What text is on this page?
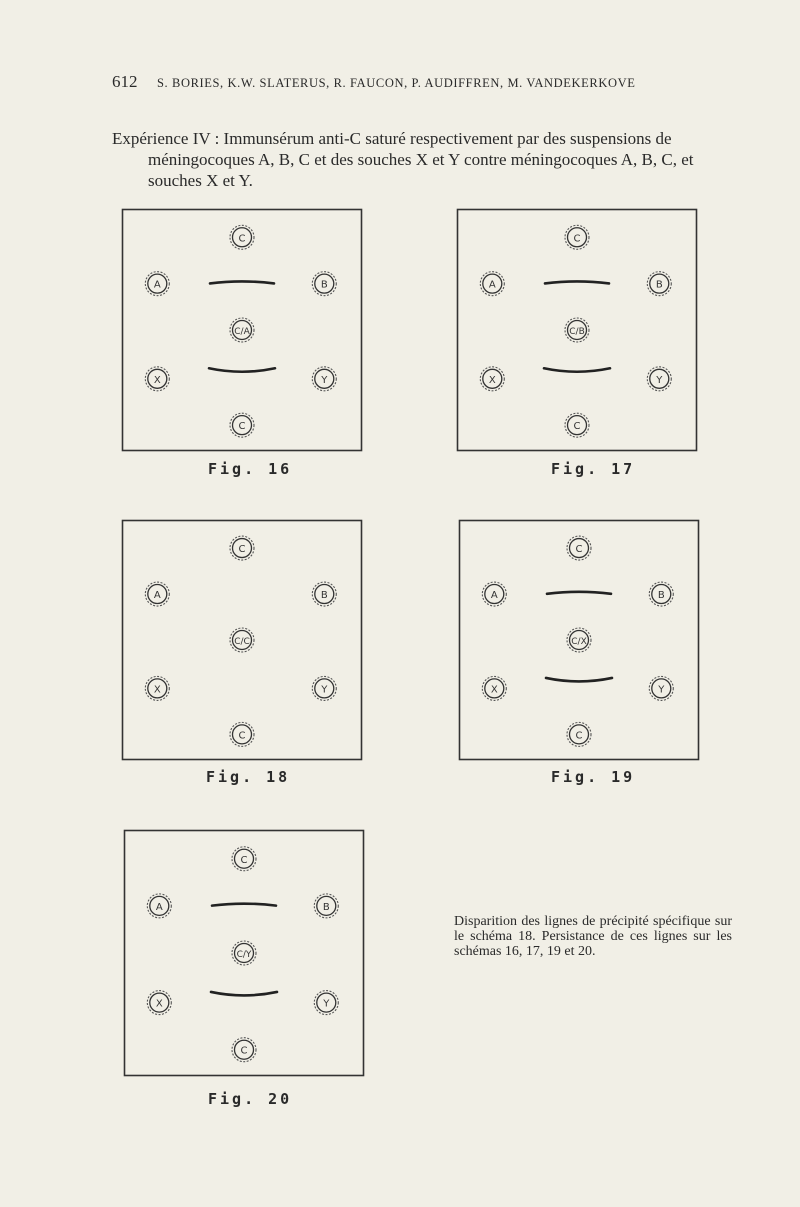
612 S. BORIES, K.W. SLATERUS, R. FAUCON, P. AUDIFFREN, M. VANDEKERKOVE
Expérience IV : Immunsérum anti-C saturé respectivement par des suspensions de méningocoques A, B, C et des souches X et Y contre méningocoques A, B, C, et souches X et Y.
C
A	B
C/A
X	Y
C
Fig. 16
C
A	B
C/B
X	Y
C
Fig. 17
C
A	B
C/C
X	Y
C
Fig. 18
C
A	B
C/X
X	Y
C
Fig. 19
C
A	B
C/Y
X	Y
C
Fig. 20
Disparition des lignes de précipité spécifique sur le schéma 18. Persistance de ces lignes sur les schémas 16, 17, 19 et 20.
